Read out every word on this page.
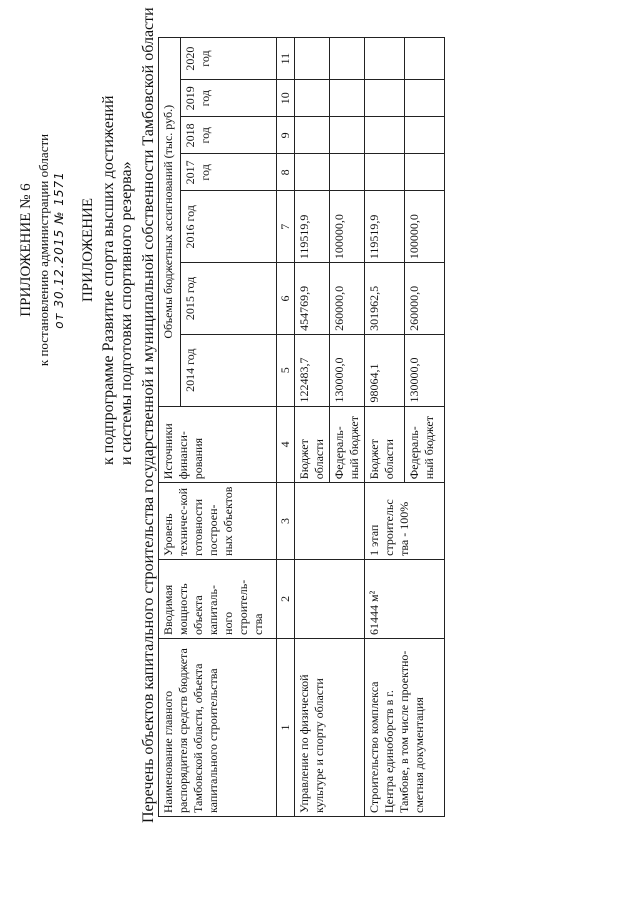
ПРИЛОЖЕНИЕ № 6 к постановлению администрации области от 30.12.2015 № 1571 ПРИЛОЖЕНИЕ к подпрограмме Развитие спорта высших достижений и системы подготовки спортивного резерва» Перечень объектов капитального строительства государственной и муниципальной собственности Тамбовской области Наименование главного распорядителя средств бюджета Тамбовской области, объекта капитального строительства	Вводимая мощность объекта капиталь-ного строитель-ства	Уровень техничес-кой готовности построен-ных объектов	Источники финанси-рования	Объемы бюджетных ассигнований (тыс. руб.)						
				2014 год	2015 год	2016 год	2017 год	2018 год	2019 год	2020 год
1	2	3	4	5	6	7	8	9	10	11
Управление по физической культуре и спорту области			Бюджет области	122483,7	454769,9	119519,9				
			Федераль-ный бюджет	130000,0	260000,0	100000,0				
Строительство комплекса Центра единоборств в г. Тамбове, в том числе проектно-сметная документация	61444 м²	1 этап строительс тва - 100%	Бюджет области	98064,1	301962,5	119519,9				
			Федераль-ный бюджет	130000,0	260000,0	100000,0				
